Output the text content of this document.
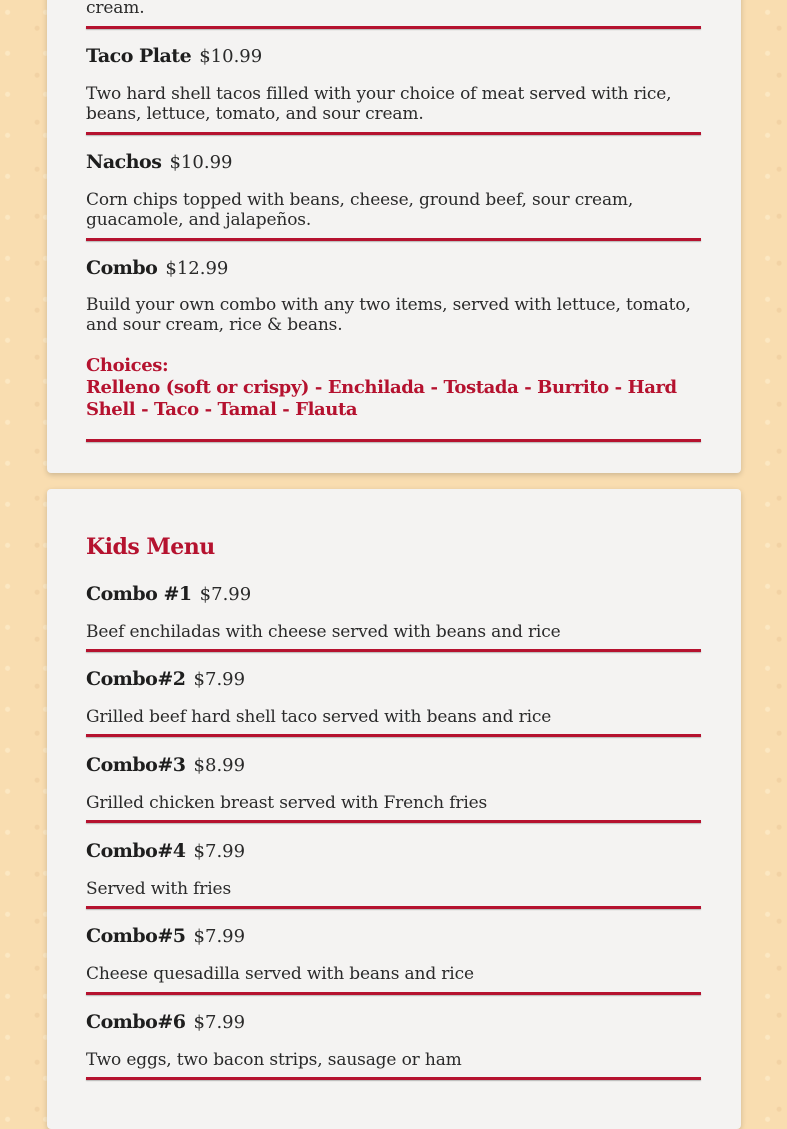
cream.
Taco Plate $10.99
Two hard shell tacos filled with your choice of meat served with rice, beans, lettuce, tomato, and sour cream.
Nachos $10.99
Corn chips topped with beans, cheese, ground beef, sour cream, guacamole, and jalapeños.
Combo $12.99
Build your own combo with any two items, served with lettuce, tomato, and sour cream, rice & beans.
Choices:
Relleno (soft or crispy) - Enchilada - Tostada - Burrito - Hard Shell - Taco - Tamal - Flauta
Kids Menu
Combo #1 $7.99
Beef enchiladas with cheese served with beans and rice
Combo#2 $7.99
Grilled beef hard shell taco served with beans and rice
Combo#3 $8.99
Grilled chicken breast served with French fries
Combo#4 $7.99
Served with fries
Combo#5 $7.99
Cheese quesadilla served with beans and rice
Combo#6 $7.99
Two eggs, two bacon strips, sausage or ham
